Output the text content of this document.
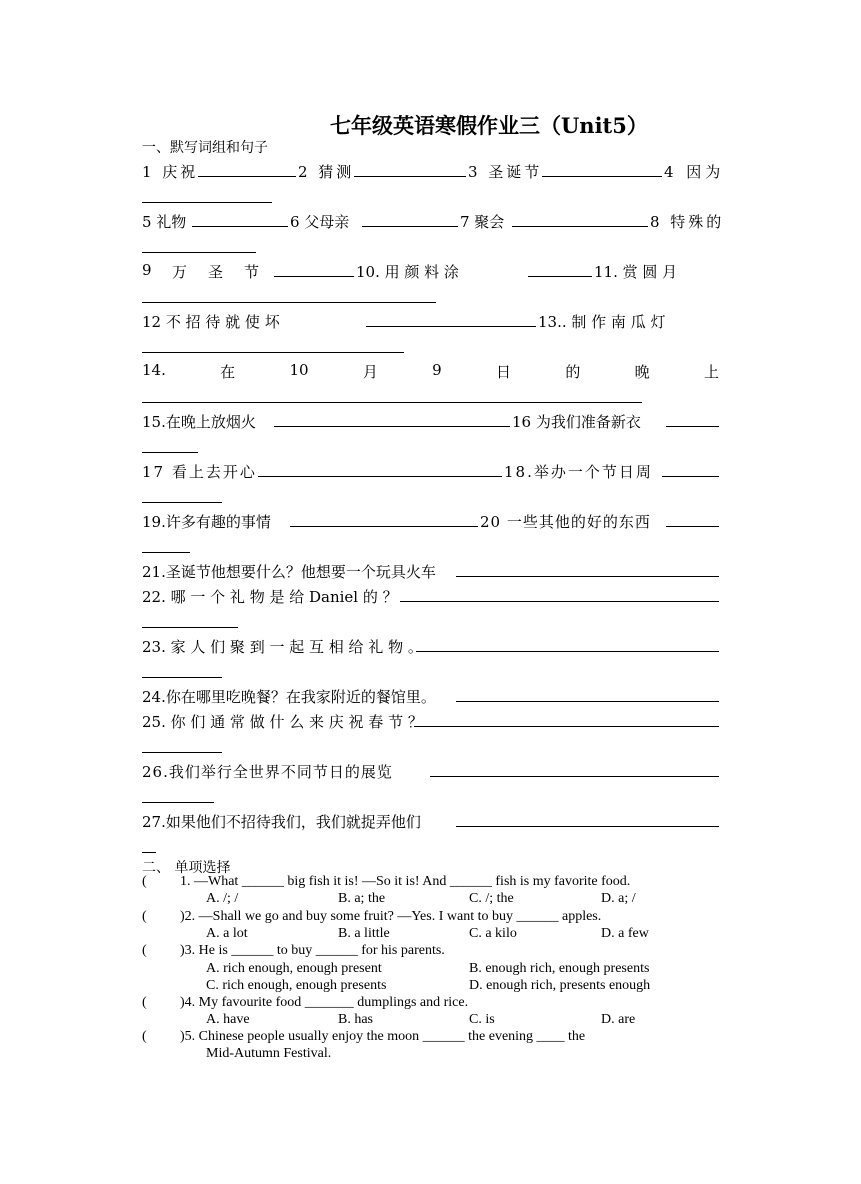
七年级英语寒假作业三（Unit5）
一、默写词组和句子
1 庆祝	2 猜测	3 圣诞节	4 因为
5 礼物	6 父母亲	7 聚会	8 特殊的
9 万 圣 节	10. 用 颜 料 涂	11. 赏 圆 月
12 不 招 待 就 使 坏	13.. 制 作 南 瓜 灯
14.	在	10	月	9	日	的	晚	上
15.在晚上放烟火	16 为我们准备新衣
17 看上去开心	18.举办一个节日周
19.许多有趣的事情	20 一些其他的好的东西
21.圣诞节他想要什么？他想要一个玩具火车
22. 哪 一 个 礼 物 是 给 Daniel 的 ？
23. 家 人 们 聚 到 一 起 互 相 给 礼 物 。
24.你在哪里吃晚餐？在我家附近的餐馆里。
25. 你 们 通 常 做 什 么 来 庆 祝 春 节 ？
26.我们举行全世界不同节日的展览
27.如果他们不招待我们，我们就捉弄他们
二、 单项选择
( 1. —What ______ big fish it is! —So it is! And ______ fish is my favorite food.
A. /; /	B. a; the	C. /; the	D. a; /
( )2. —Shall we go and buy some fruit? —Yes. I want to buy ______ apples.
A. a lot	B. a little	C. a kilo	D. a few
( )3. He is ______ to buy ______ for his parents.
A. rich enough, enough present	B. enough rich, enough presents
C. rich enough, enough presents	D. enough rich, presents enough
( )4. My favourite food _______ dumplings and rice.
A. have	B. has	C. is	D. are
( )5. Chinese people usually enjoy the moon ______ the evening ____ the
Mid-Autumn Festival.
